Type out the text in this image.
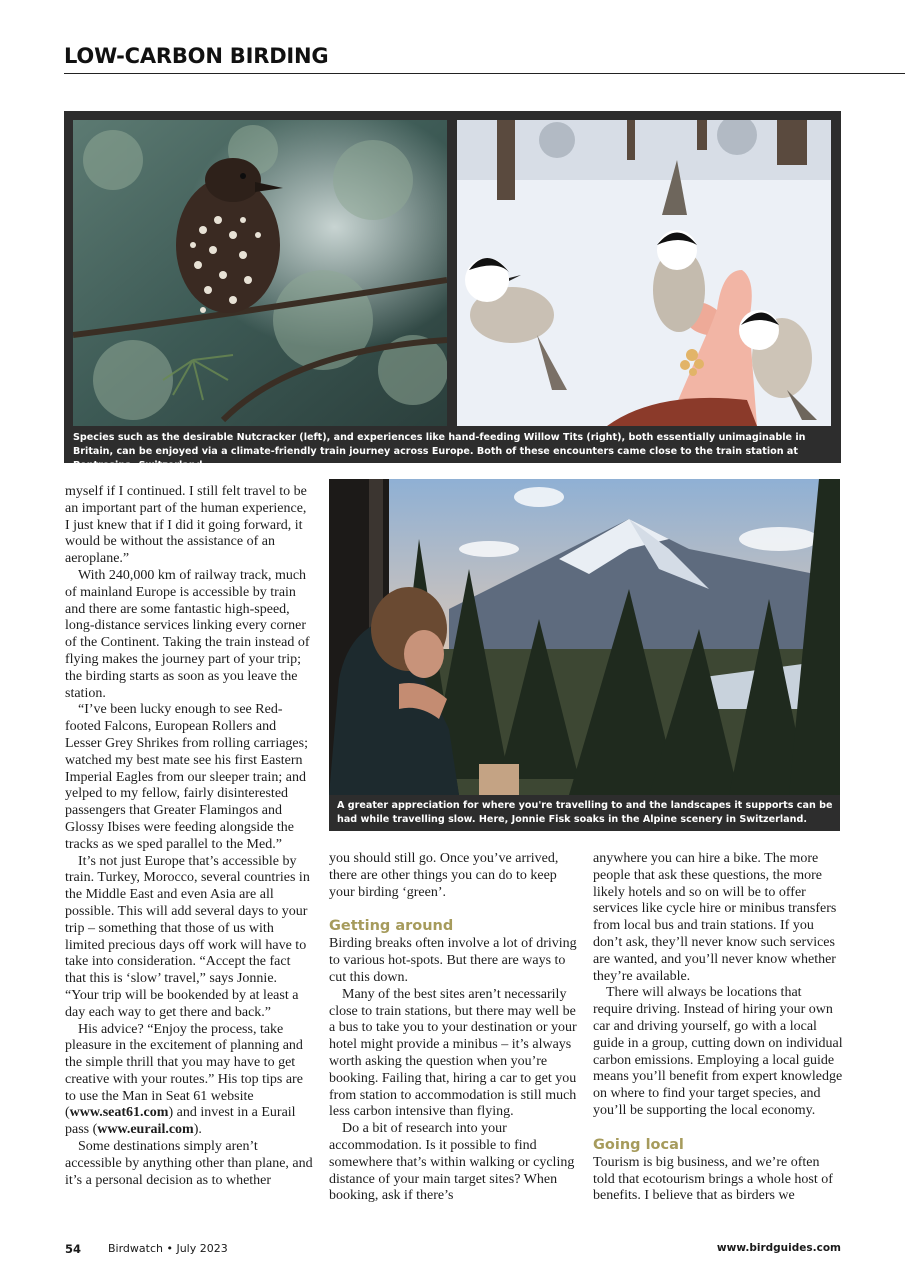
LOW-CARBON BIRDING
Species such as the desirable Nutcracker (left), and experiences like hand-feeding Willow Tits (right), both essentially unimaginable in Britain, can be enjoyed via a climate-friendly train journey across Europe. Both of these encounters came close to the train station at Pontresina, Switzerland.
A greater appreciation for where you're travelling to and the landscapes it supports can be had while travelling slow. Here, Jonnie Fisk soaks in the Alpine scenery in Switzerland.

myself if I continued. I still felt travel to be an important part of the human experience, I just knew that if I did it going forward, it would be without the assistance of an aeroplane.”

With 240,000 km of railway track, much of mainland Europe is accessible by train and there are some fantastic high-speed, long-distance services linking every corner of the Continent. Taking the train instead of flying makes the journey part of your trip; the birding starts as soon as you leave the station.

“I’ve been lucky enough to see Red-footed Falcons, European Rollers and Lesser Grey Shrikes from rolling carriages; watched my best mate see his first Eastern Imperial Eagles from our sleeper train; and yelped to my fellow, fairly disinterested passengers that Greater Flamingos and Glossy Ibises were feeding alongside the tracks as we sped parallel to the Med.”

It’s not just Europe that’s accessible by train. Turkey, Morocco, several countries in the Middle East and even Asia are all possible. This will add several days to your trip – something that those of us with limited precious days off work will have to take into consideration. “Accept the fact that this is ‘slow’ travel,” says Jonnie. “Your trip will be bookended by at least a day each way to get there and back.”

His advice? “Enjoy the process, take pleasure in the excitement of planning and the simple thrill that you may have to get creative with your routes.” His top tips are to use the Man in Seat 61 website (www.seat61.com) and invest in a Eurail pass (www.eurail.com).

Some destinations simply aren’t accessible by anything other than plane, and it’s a personal decision as to whether

you should still go. Once you’ve arrived, there are other things you can do to keep your birding ‘green’.

Getting around

Birding breaks often involve a lot of driving to various hot-spots. But there are ways to cut this down.

Many of the best sites aren’t necessarily close to train stations, but there may well be a bus to take you to your destination or your hotel might provide a minibus – it’s always worth asking the question when you’re booking. Failing that, hiring a car to get you from station to accommodation is still much less carbon intensive than flying.

Do a bit of research into your accommodation. Is it possible to find somewhere that’s within walking or cycling distance of your main target sites? When booking, ask if there’s

anywhere you can hire a bike. The more people that ask these questions, the more likely hotels and so on will be to offer services like cycle hire or minibus transfers from local bus and train stations. If you don’t ask, they’ll never know such services are wanted, and you’ll never know whether they’re available.

There will always be locations that require driving. Instead of hiring your own car and driving yourself, go with a local guide in a group, cutting down on individual carbon emissions. Employing a local guide means you’ll benefit from expert knowledge on where to find your target species, and you’ll be supporting the local economy.

Going local

Tourism is big business, and we’re often told that ecotourism brings a whole host of benefits. I believe that as birders we

54 Birdwatch • July 2023	www.birdguides.com
